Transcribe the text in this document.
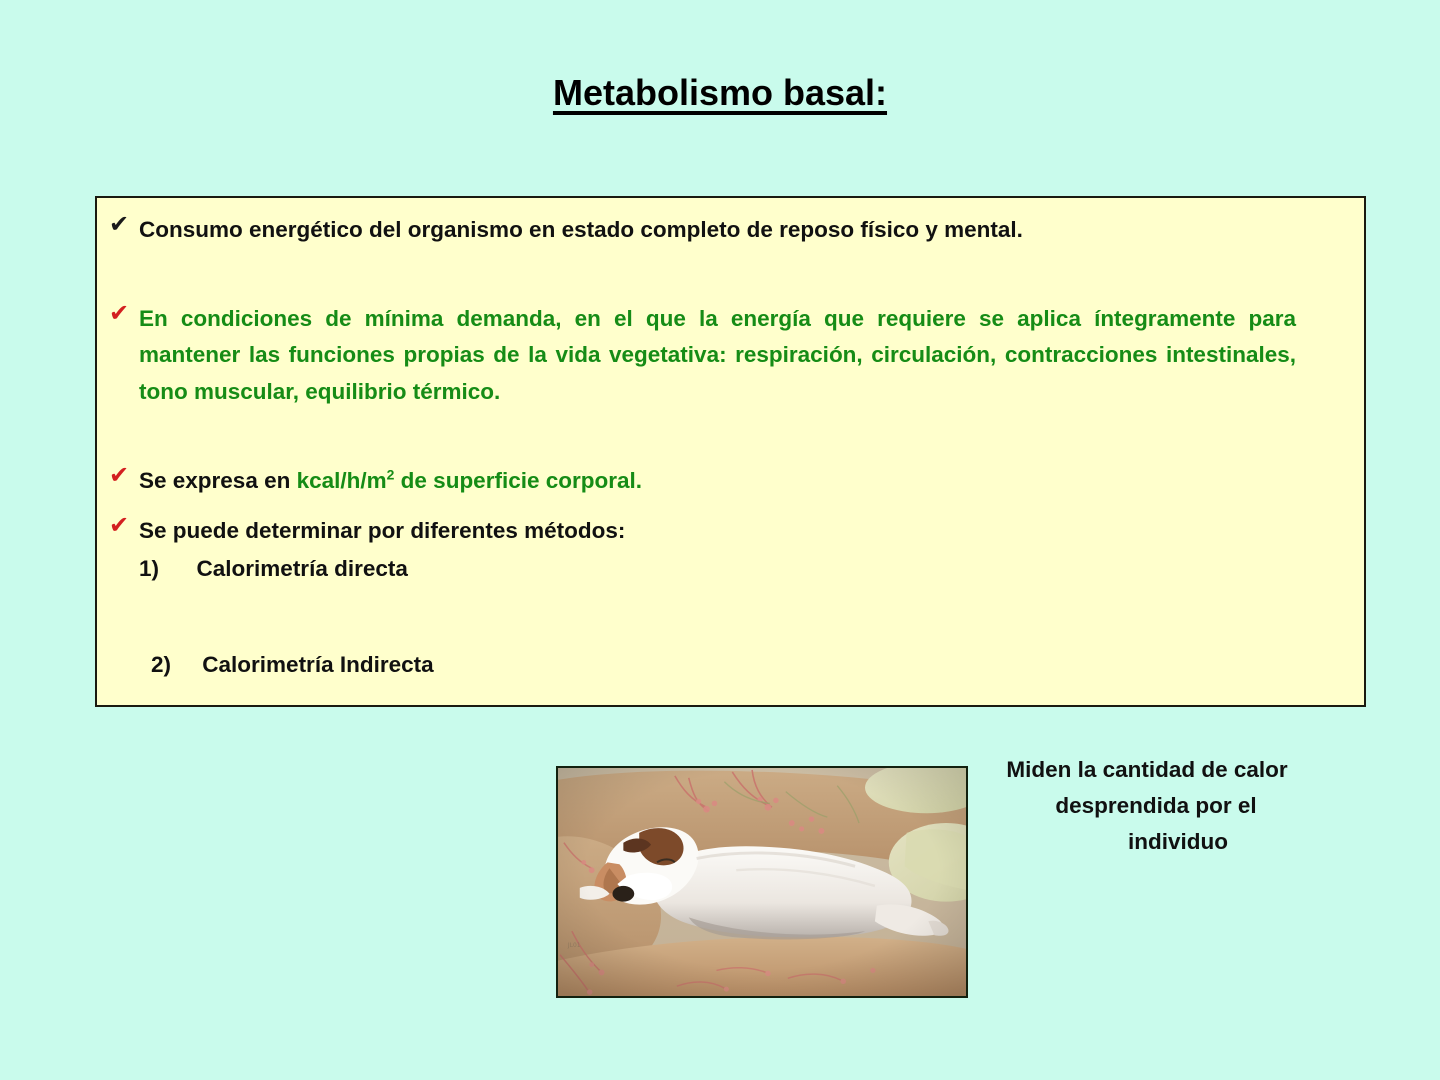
Metabolismo basal:
✔ Consumo energético del organismo en estado completo de reposo físico y mental.
✔ En condiciones de mínima demanda, en el que la energía que requiere se aplica íntegramente para mantener las funciones propias de la vida vegetativa: respiración, circulación, contracciones intestinales, tono muscular, equilibrio térmico.
✔ Se expresa en kcal/$h/m^2$ de superficie corporal.
✔ Se puede determinar por diferentes métodos:
1) Calorimetría directa
2) Calorimetría Indirecta
Miden la cantidad de calor
desprendida por el
individuo
